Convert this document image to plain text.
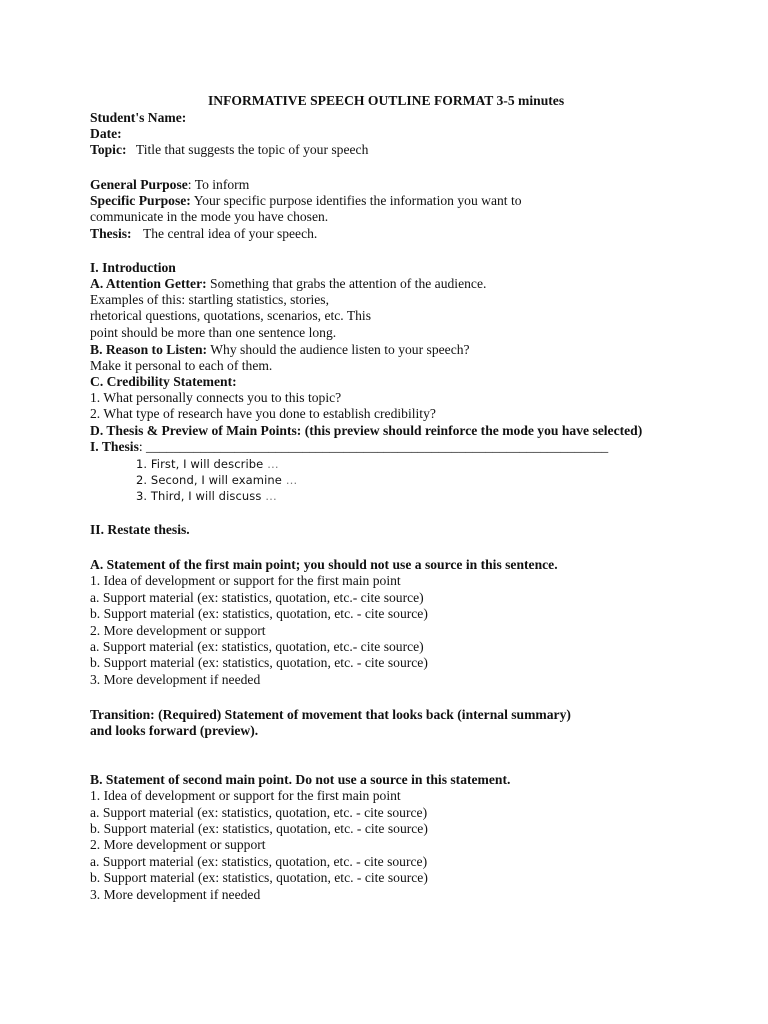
INFORMATIVE SPEECH OUTLINE FORMAT 3-5 minutes
Student's Name:
Date:
Topic: Title that suggests the topic of your speech
General Purpose: To inform
Specific Purpose: Your specific purpose identifies the information you want to
communicate in the mode you have chosen.
Thesis: The central idea of your speech.
I. Introduction
A. Attention Getter: Something that grabs the attention of the audience.
Examples of this: startling statistics, stories,
rhetorical questions, quotations, scenarios, etc. This
point should be more than one sentence long.
B. Reason to Listen: Why should the audience listen to your speech?
Make it personal to each of them.
C. Credibility Statement:
1. What personally connects you to this topic?
2. What type of research have you done to establish credibility?
D. Thesis & Preview of Main Points: (this preview should reinforce the mode you have selected)
I. Thesis: ____________________________________________________________________
1. First, I will describe …
2. Second, I will examine …
3. Third, I will discuss …
II. Restate thesis.
A. Statement of the first main point; you should not use a source in this sentence.
1. Idea of development or support for the first main point
a. Support material (ex: statistics, quotation, etc.- cite source)
b. Support material (ex: statistics, quotation, etc. - cite source)
2. More development or support
a. Support material (ex: statistics, quotation, etc.- cite source)
b. Support material (ex: statistics, quotation, etc. - cite source)
3. More development if needed
Transition: (Required) Statement of movement that looks back (internal summary)
and looks forward (preview).
B. Statement of second main point. Do not use a source in this statement.
1. Idea of development or support for the first main point
a. Support material (ex: statistics, quotation, etc. - cite source)
b. Support material (ex: statistics, quotation, etc. - cite source)
2. More development or support
a. Support material (ex: statistics, quotation, etc. - cite source)
b. Support material (ex: statistics, quotation, etc. - cite source)
3. More development if needed
